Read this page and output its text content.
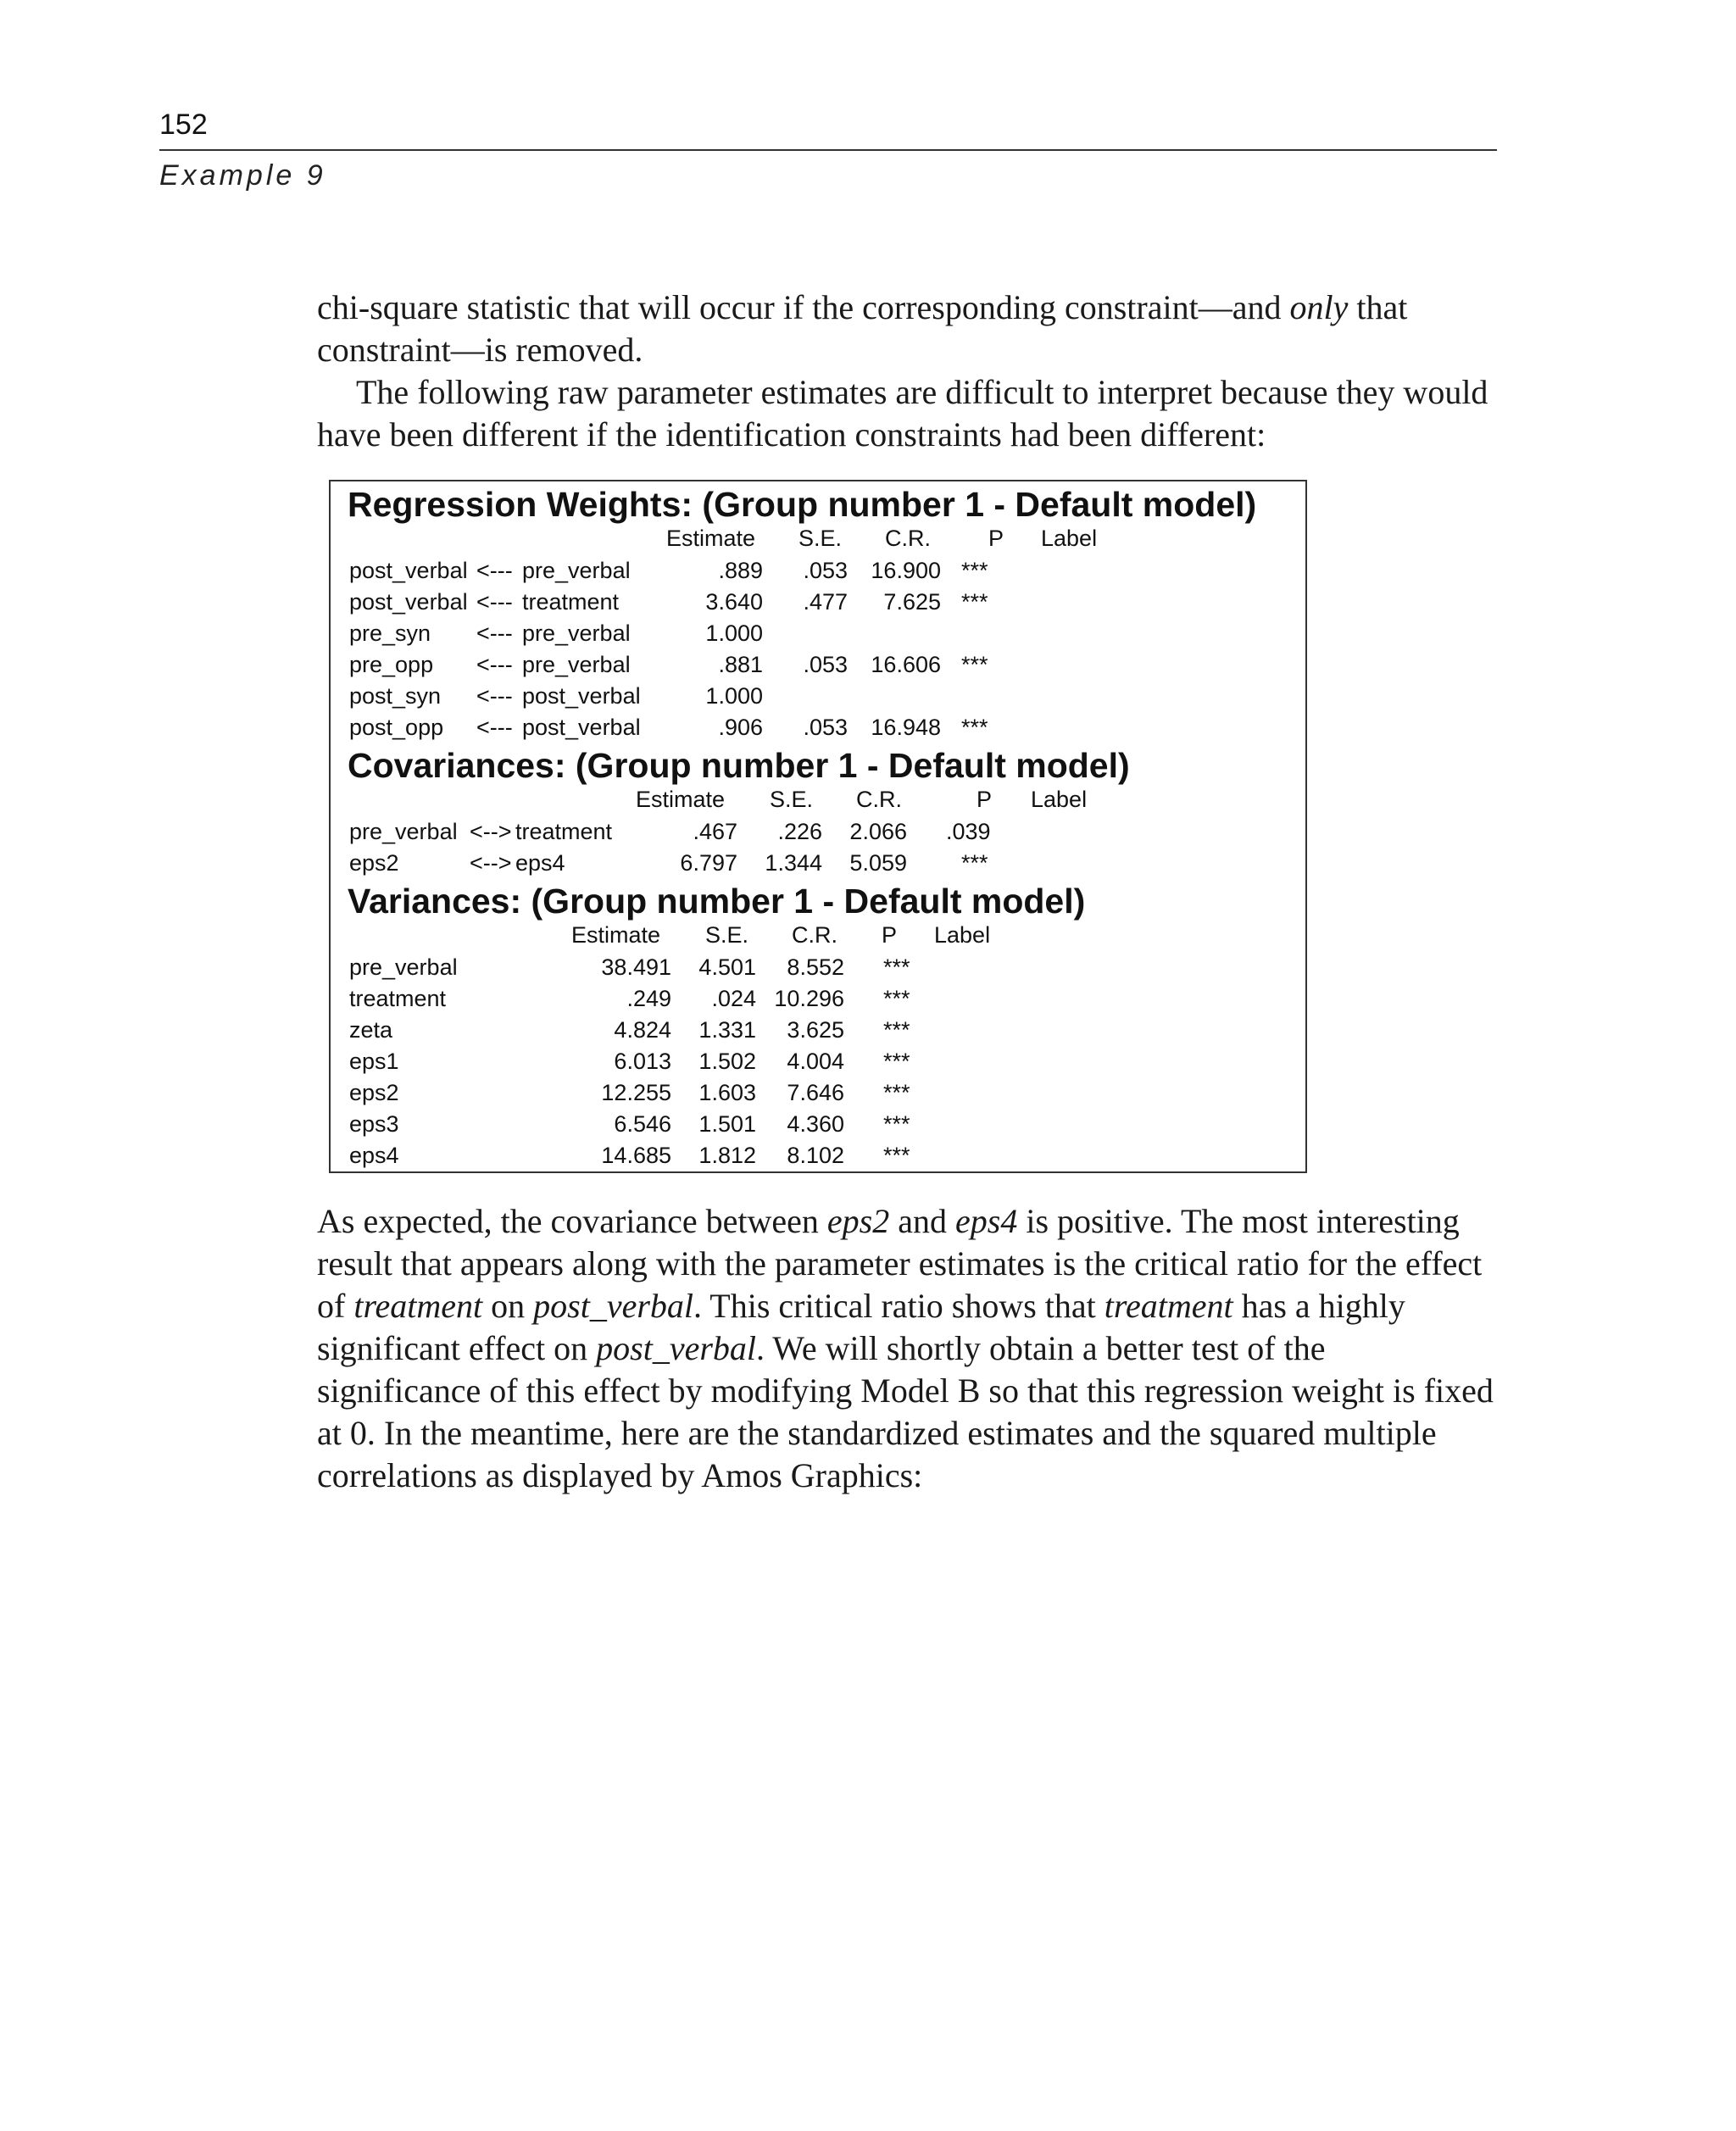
152
Example 9

chi-square statistic that will occur if the corresponding constraint—and only that constraint—is removed.

The following raw parameter estimates are difficult to interpret because they would have been different if the identification constraints had been different:

Regression Weights: (Group number 1 - Default model)
Estimate S.E. C.R.	P Label
post_verbal <--- pre_verbal	.889	.053	16.900 ***
post_verbal <--- treatment	3.640	.477	7.625 ***
pre_syn <--- pre_verbal	1.000
pre_opp <--- pre_verbal	.881	.053	16.606 ***
post_syn <--- post_verbal	1.000
post_opp <--- post_verbal	.906	.053	16.948 ***
Covariances: (Group number 1 - Default model)
Estimate S.E. C.R.	P Label
pre_verbal <--> treatment	.467	.226	2.066 .039
eps2	<--> eps4	6.797	1.344	5.059 ***
Variances: (Group number 1 - Default model)
Estimate S.E. C.R. P Label
pre_verbal	38.491	4.501	8.552 ***
treatment	.249	.024 10.296 ***
zeta	4.824	1.331	3.625 ***
eps1	6.013	1.502	4.004 ***
eps2	12.255	1.603	7.646 ***
eps3	6.546	1.501	4.360 ***
eps4	14.685	1.812	8.102 ***

As expected, the covariance between eps2 and eps4 is positive. The most interesting result that appears along with the parameter estimates is the critical ratio for the effect of treatment on post_verbal. This critical ratio shows that treatment has a highly significant effect on post_verbal. We will shortly obtain a better test of the significance of this effect by modifying Model B so that this regression weight is fixed at 0. In the meantime, here are the standardized estimates and the squared multiple correlations as displayed by Amos Graphics:
